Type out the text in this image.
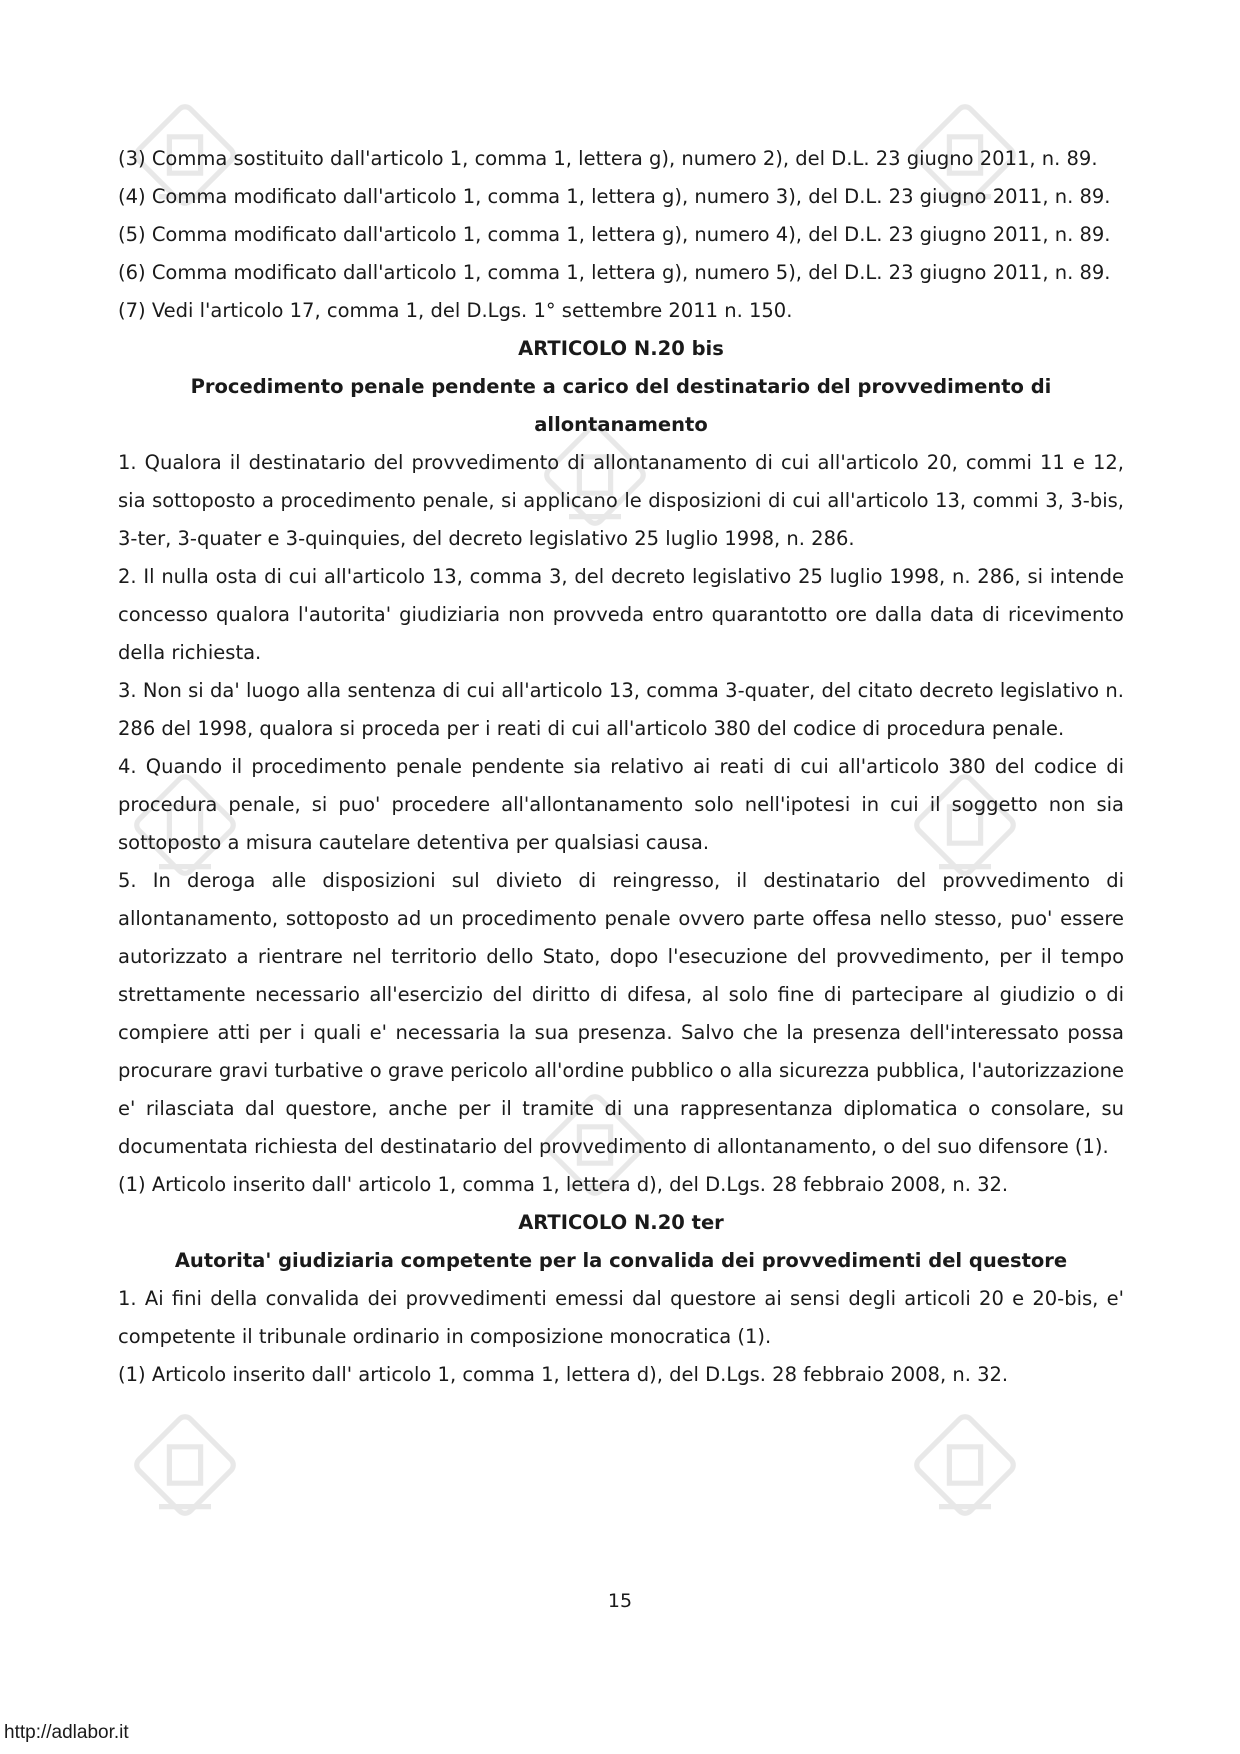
(3) Comma sostituito dall'articolo 1, comma 1, lettera g), numero 2), del D.L. 23 giugno 2011, n. 89.

(4) Comma modificato dall'articolo 1, comma 1, lettera g), numero 3), del D.L. 23 giugno 2011, n. 89.

(5) Comma modificato dall'articolo 1, comma 1, lettera g), numero 4), del D.L. 23 giugno 2011, n. 89.

(6) Comma modificato dall'articolo 1, comma 1, lettera g), numero 5), del D.L. 23 giugno 2011, n. 89.

(7) Vedi l'articolo 17, comma 1, del D.Lgs. 1° settembre 2011 n. 150.

ARTICOLO N.20 bis

Procedimento penale pendente a carico del destinatario del provvedimento di allontanamento

1. Qualora il destinatario del provvedimento di allontanamento di cui all'articolo 20, commi 11 e 12, sia sottoposto a procedimento penale, si applicano le disposizioni di cui all'articolo 13, commi 3, 3-bis, 3-ter, 3-quater e 3-quinquies, del decreto legislativo 25 luglio 1998, n. 286.

2. Il nulla osta di cui all'articolo 13, comma 3, del decreto legislativo 25 luglio 1998, n. 286, si intende concesso qualora l'autorita' giudiziaria non provveda entro quarantotto ore dalla data di ricevimento della richiesta.

3. Non si da' luogo alla sentenza di cui all'articolo 13, comma 3-quater, del citato decreto legislativo n. 286 del 1998, qualora si proceda per i reati di cui all'articolo 380 del codice di procedura penale.

4. Quando il procedimento penale pendente sia relativo ai reati di cui all'articolo 380 del codice di procedura penale, si puo' procedere all'allontanamento solo nell'ipotesi in cui il soggetto non sia sottoposto a misura cautelare detentiva per qualsiasi causa.

5. In deroga alle disposizioni sul divieto di reingresso, il destinatario del provvedimento di allontanamento, sottoposto ad un procedimento penale ovvero parte offesa nello stesso, puo' essere autorizzato a rientrare nel territorio dello Stato, dopo l'esecuzione del provvedimento, per il tempo strettamente necessario all'esercizio del diritto di difesa, al solo fine di partecipare al giudizio o di compiere atti per i quali e' necessaria la sua presenza. Salvo che la presenza dell'interessato possa procurare gravi turbative o grave pericolo all'ordine pubblico o alla sicurezza pubblica, l'autorizzazione e' rilasciata dal questore, anche per il tramite di una rappresentanza diplomatica o consolare, su documentata richiesta del destinatario del provvedimento di allontanamento, o del suo difensore (1).

(1) Articolo inserito dall' articolo 1, comma 1, lettera d), del D.Lgs. 28 febbraio 2008, n. 32.

ARTICOLO N.20 ter

Autorita' giudiziaria competente per la convalida dei provvedimenti del questore

1. Ai fini della convalida dei provvedimenti emessi dal questore ai sensi degli articoli 20 e 20-bis, e' competente il tribunale ordinario in composizione monocratica (1).

(1) Articolo inserito dall' articolo 1, comma 1, lettera d), del D.Lgs. 28 febbraio 2008, n. 32.

15
http://adlabor.it
